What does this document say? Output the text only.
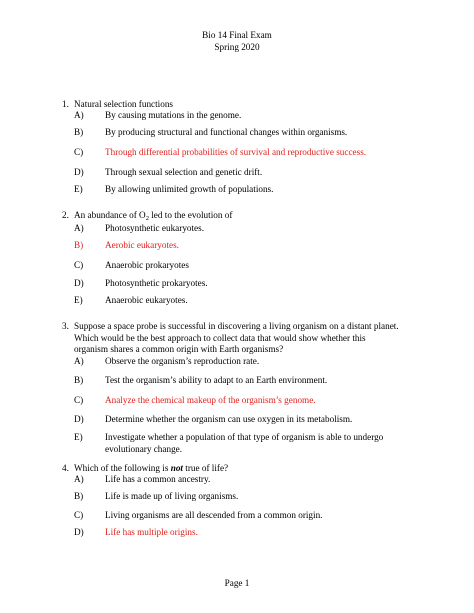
Bio 14 Final Exam
Spring 2020
1. Natural selection functions
A) By causing mutations in the genome.
B) By producing structural and functional changes within organisms.
C) Through differential probabilities of survival and reproductive success.
D) Through sexual selection and genetic drift.
E) By allowing unlimited growth of populations.
2. An abundance of $O_2$ led to the evolution of
A) Photosynthetic eukaryotes.
B) Aerobic eukaryotes.
C) Anaerobic prokaryotes
D) Photosynthetic prokaryotes.
E) Anaerobic eukaryotes.
3. Suppose a space probe is successful in discovering a living organism on a distant planet.
Which would be the best approach to collect data that would show whether this
organism shares a common origin with Earth organisms?
A) Observe the organism’s reproduction rate.
B) Test the organism’s ability to adapt to an Earth environment.
C) Analyze the chemical makeup of the organism’s genome.
D) Determine whether the organism can use oxygen in its metabolism.
E) Investigate whether a population of that type of organism is able to undergo
evolutionary change.
4. Which of the following is not true of life?
A) Life has a common ancestry.
B) Life is made up of living organisms.
C) Living organisms are all descended from a common origin.
D) Life has multiple origins.
Page 1
